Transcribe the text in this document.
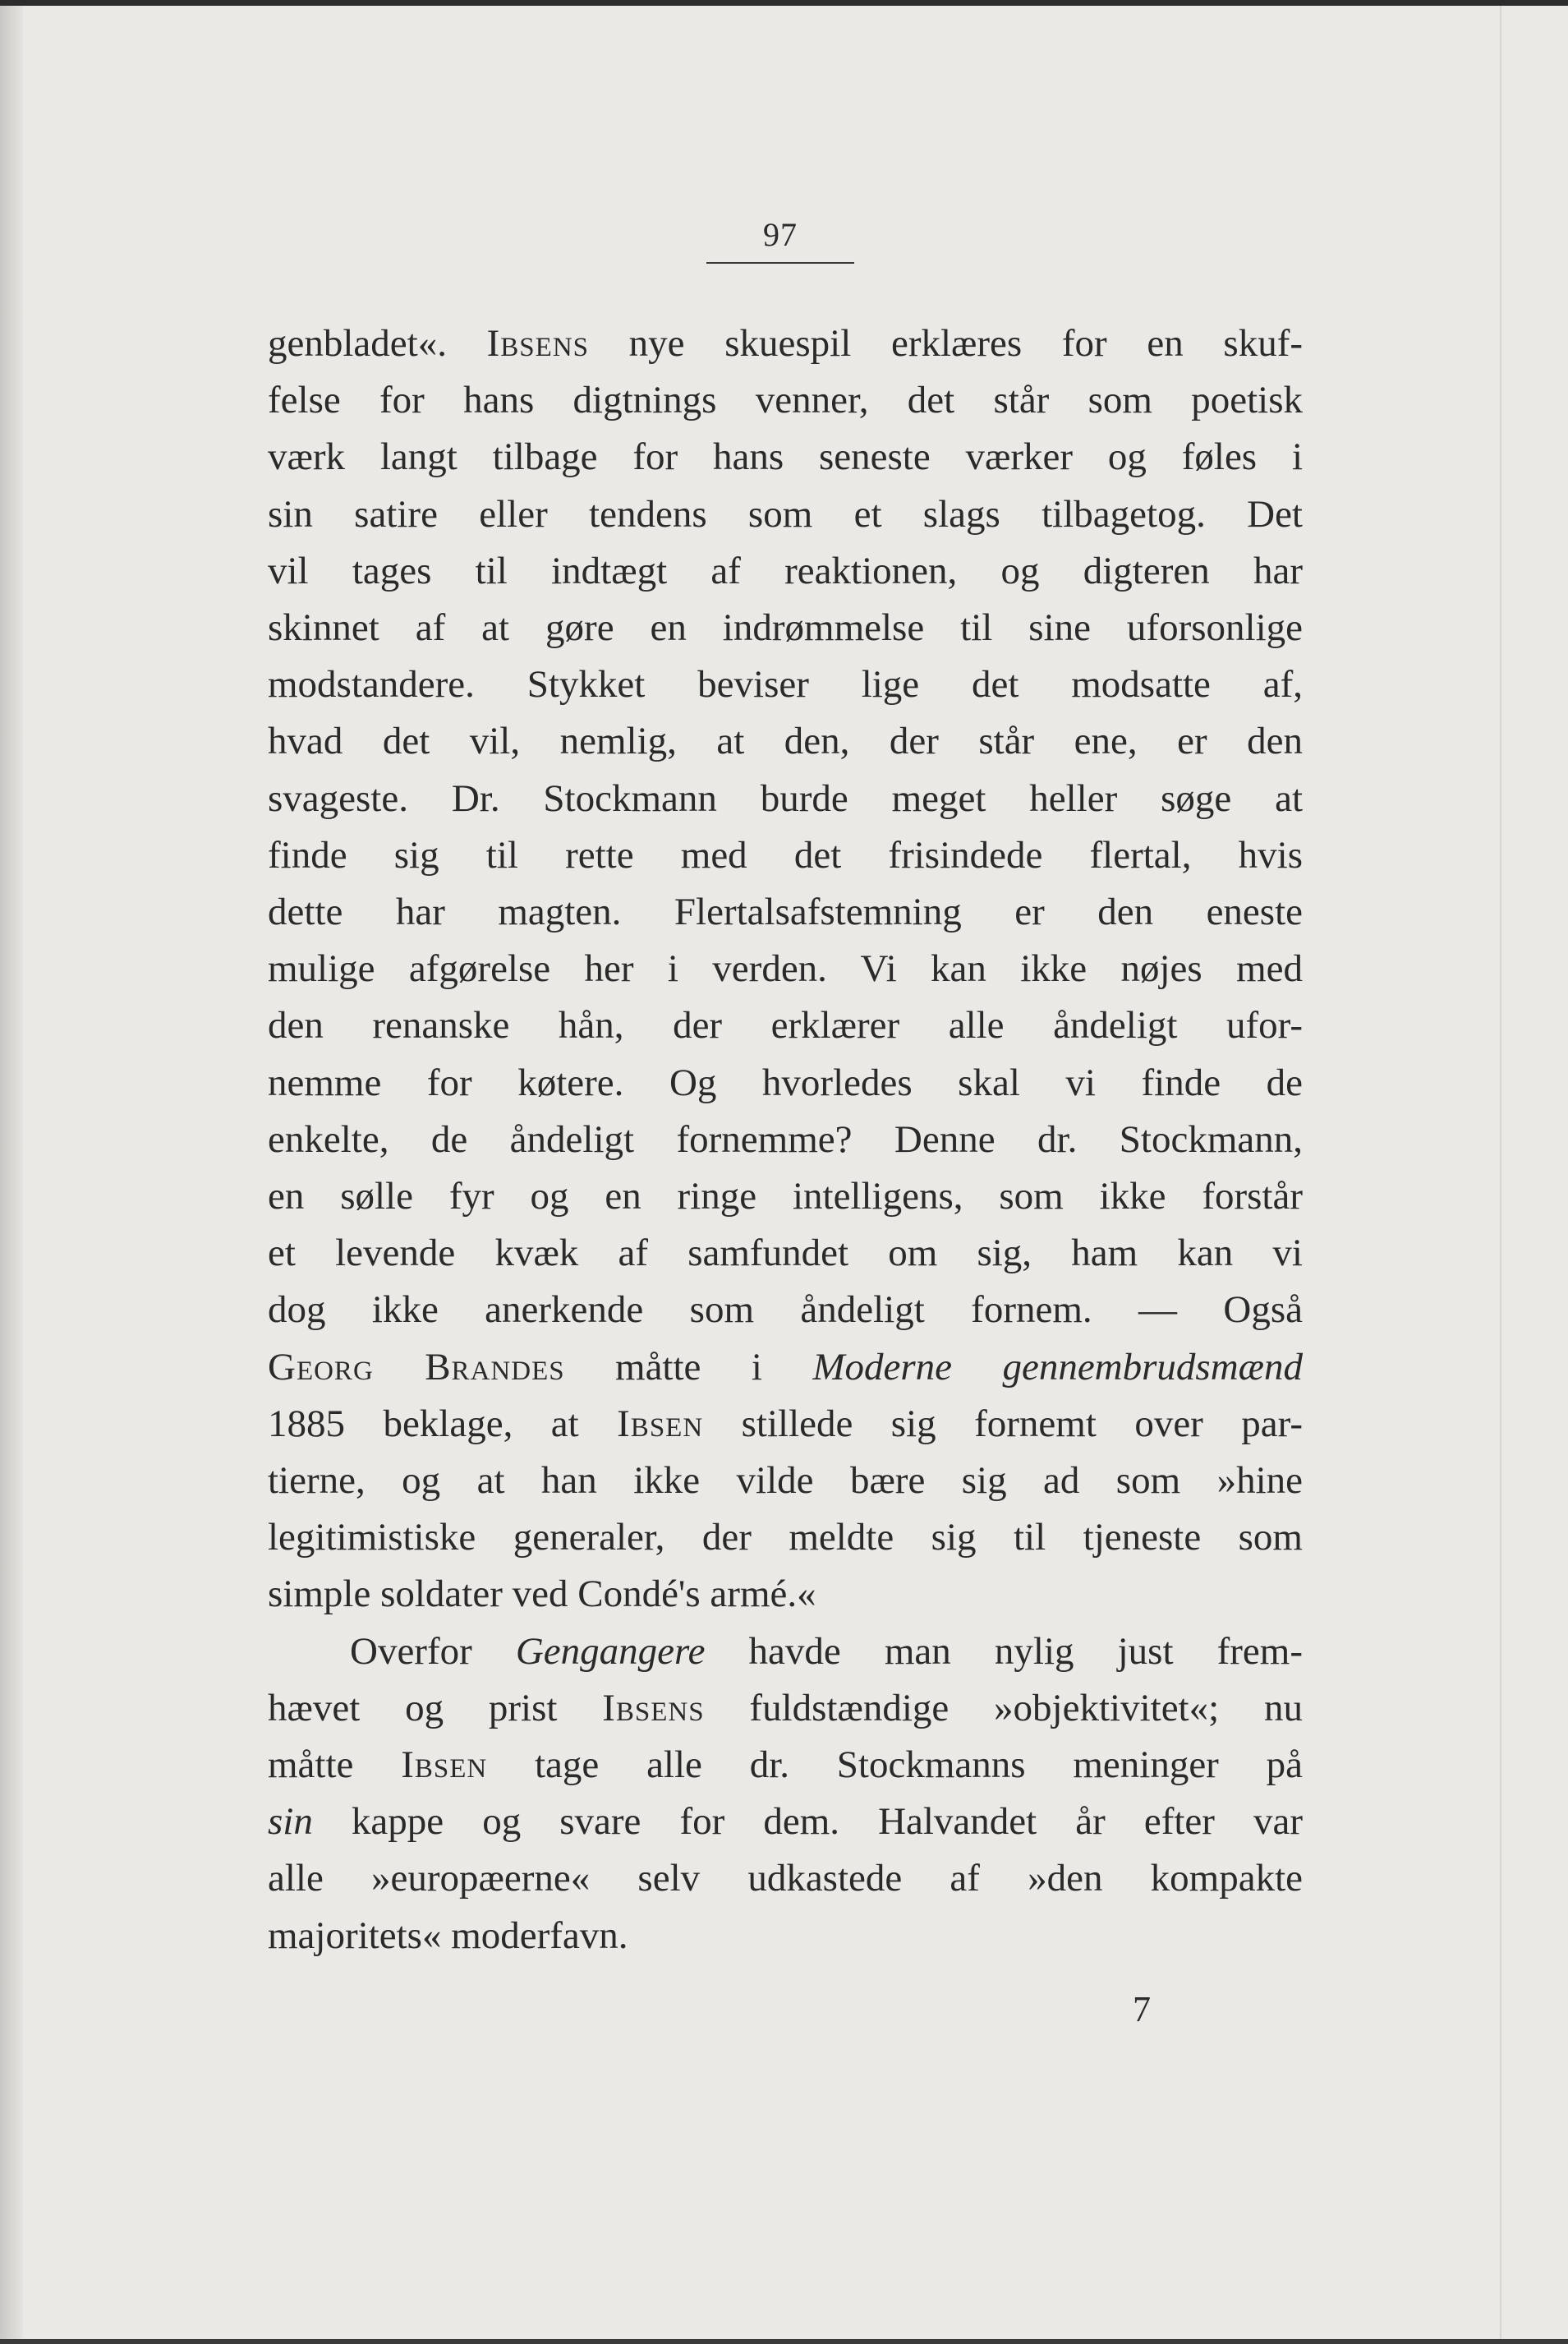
97
genbladet«. Ibsens nye skuespil erklæres for en skuf-
felse for hans digtnings venner, det står som poetisk
værk langt tilbage for hans seneste værker og føles i
sin satire eller tendens som et slags tilbagetog. Det
vil tages til indtægt af reaktionen, og digteren har
skinnet af at gøre en indrømmelse til sine uforsonlige
modstandere. Stykket beviser lige det modsatte af,
hvad det vil, nemlig, at den, der står ene, er den
svageste. Dr. Stockmann burde meget heller søge at
finde sig til rette med det frisindede flertal, hvis
dette har magten. Flertalsafstemning er den eneste
mulige afgørelse her i verden. Vi kan ikke nøjes med
den renanske hån, der erklærer alle åndeligt ufor-
nemme for køtere. Og hvorledes skal vi finde de
enkelte, de åndeligt fornemme? Denne dr. Stockmann,
en sølle fyr og en ringe intelligens, som ikke forstår
et levende kvæk af samfundet om sig, ham kan vi
dog ikke anerkende som åndeligt fornem. — Også
Georg Brandes måtte i Moderne gennembrudsmænd
1885 beklage, at Ibsen stillede sig fornemt over par-
tierne, og at han ikke vilde bære sig ad som »hine
legitimistiske generaler, der meldte sig til tjeneste som
simple soldater ved Condé's armé.«
Overfor Gengangere havde man nylig just frem-
hævet og prist Ibsens fuldstændige »objektivitet«; nu
måtte Ibsen tage alle dr. Stockmanns meninger på
sin kappe og svare for dem. Halvandet år efter var
alle »europæerne« selv udkastede af »den kompakte
majoritets« moderfavn.
7
